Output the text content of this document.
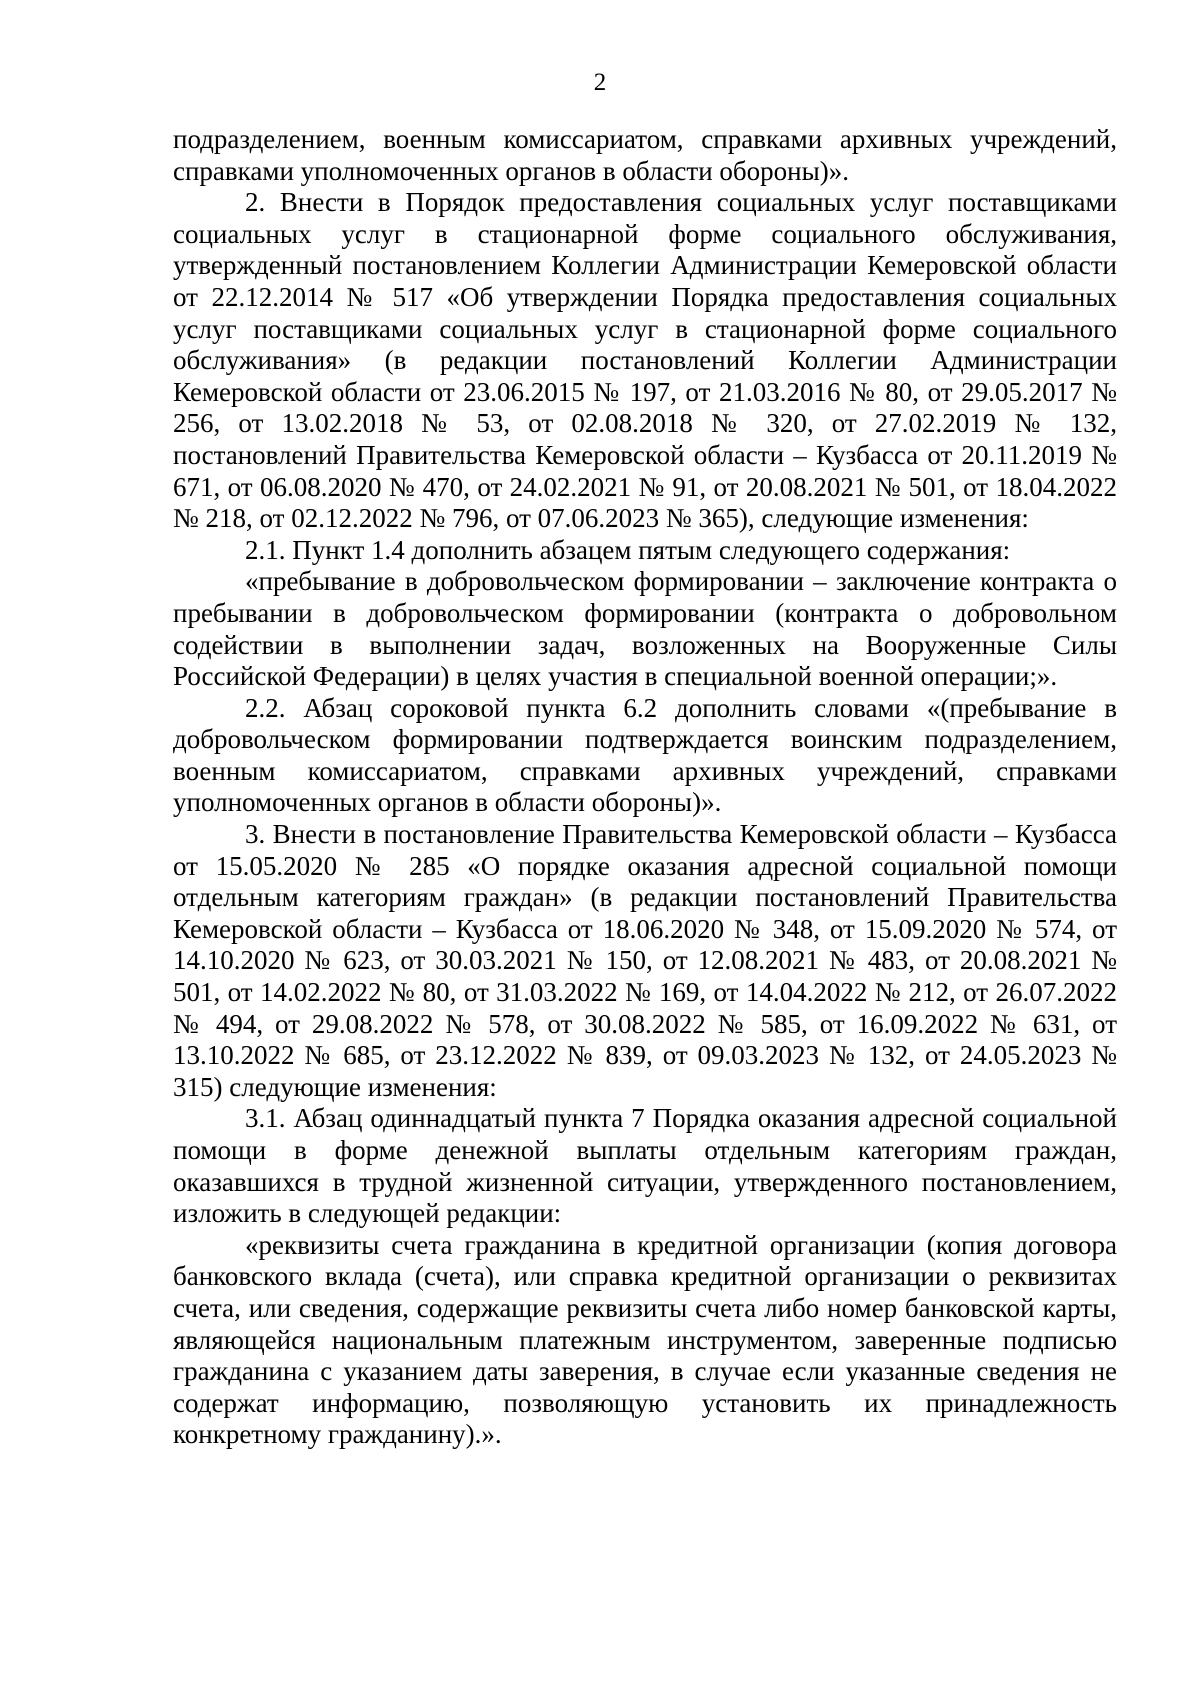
2

подразделением, военным комиссариатом, справками архивных учреждений, справками уполномоченных органов в области обороны)».

2. Внести в Порядок предоставления социальных услуг поставщиками социальных услуг в стационарной форме социального обслуживания, утвержденный постановлением Коллегии Администрации Кемеровской области от 22.12.2014 № 517 «Об утверждении Порядка предоставления социальных услуг поставщиками социальных услуг в стационарной форме социального обслуживания» (в редакции постановлений Коллегии Администрации Кемеровской области от 23.06.2015 № 197, от 21.03.2016 № 80, от 29.05.2017 № 256, от 13.02.2018 № 53, от 02.08.2018 № 320, от 27.02.2019 № 132, постановлений Правительства Кемеровской области – Кузбасса от 20.11.2019 № 671, от 06.08.2020 № 470, от 24.02.2021 № 91, от 20.08.2021 № 501, от 18.04.2022 № 218, от 02.12.2022 № 796, от 07.06.2023 № 365), следующие изменения:

2.1. Пункт 1.4 дополнить абзацем пятым следующего содержания:

«пребывание в добровольческом формировании – заключение контракта о пребывании в добровольческом формировании (контракта о добровольном содействии в выполнении задач, возложенных на Вооруженные Силы Российской Федерации) в целях участия в специальной военной операции;».

2.2. Абзац сороковой пункта 6.2 дополнить словами «(пребывание в добровольческом формировании подтверждается воинским подразделением, военным комиссариатом, справками архивных учреждений, справками уполномоченных органов в области обороны)».

3. Внести в постановление Правительства Кемеровской области – Кузбасса от 15.05.2020 № 285 «О порядке оказания адресной социальной помощи отдельным категориям граждан» (в редакции постановлений Правительства Кемеровской области – Кузбасса от 18.06.2020 № 348, от 15.09.2020 № 574, от 14.10.2020 № 623, от 30.03.2021 № 150, от 12.08.2021 № 483, от 20.08.2021 № 501, от 14.02.2022 № 80, от 31.03.2022 № 169, от 14.04.2022 № 212, от 26.07.2022 № 494, от 29.08.2022 № 578, от 30.08.2022 № 585, от 16.09.2022 № 631, от 13.10.2022 № 685, от 23.12.2022 № 839, от 09.03.2023 № 132, от 24.05.2023 № 315) следующие изменения:

3.1. Абзац одиннадцатый пункта 7 Порядка оказания адресной социальной помощи в форме денежной выплаты отдельным категориям граждан, оказавшихся в трудной жизненной ситуации, утвержденного постановлением, изложить в следующей редакции:

«реквизиты счета гражданина в кредитной организации (копия договора банковского вклада (счета), или справка кредитной организации о реквизитах счета, или сведения, содержащие реквизиты счета либо номер банковской карты, являющейся национальным платежным инструментом, заверенные подписью гражданина с указанием даты заверения, в случае если указанные сведения не содержат информацию, позволяющую установить их принадлежность конкретному гражданину).».
